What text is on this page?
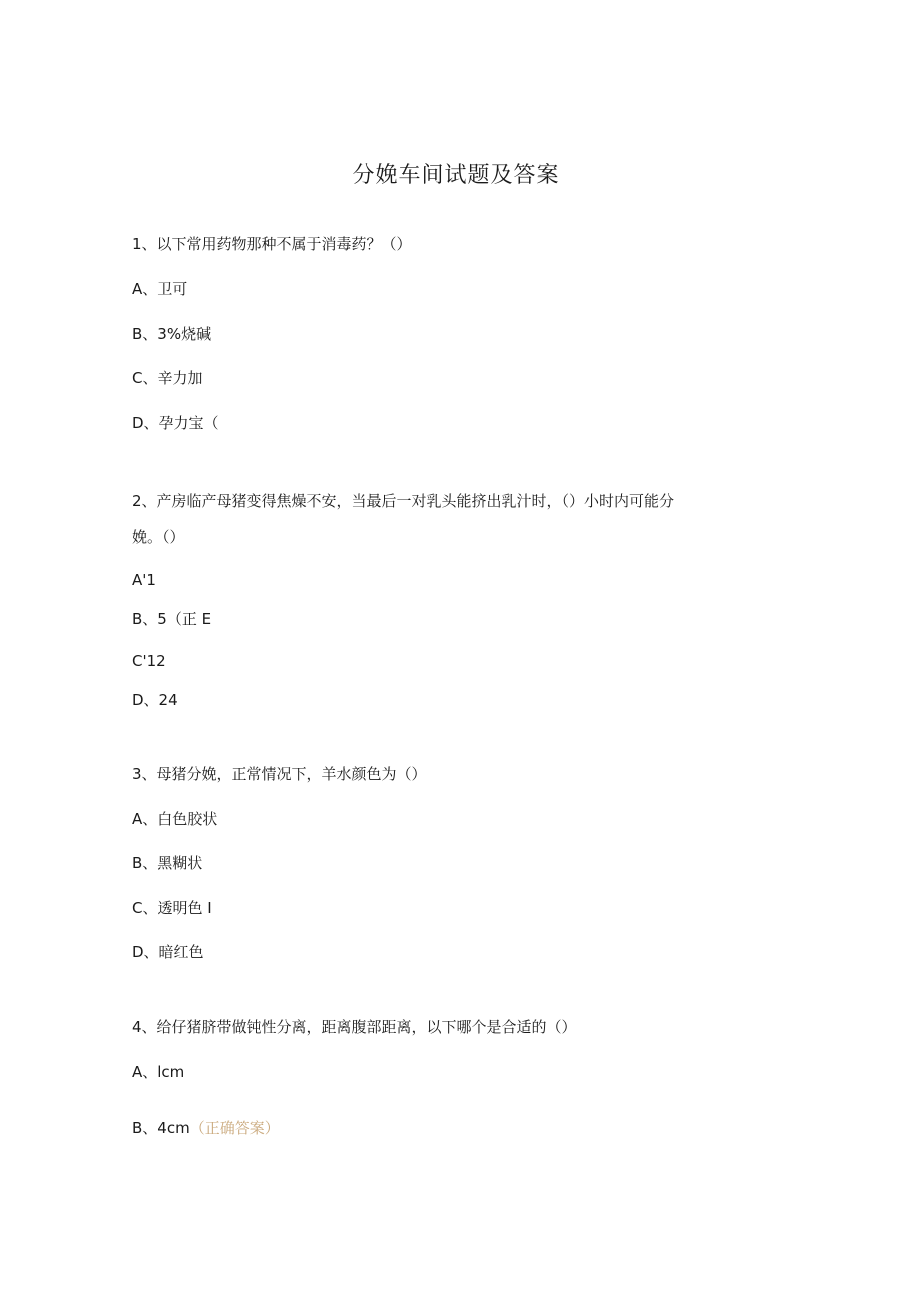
分娩车间试题及答案
1、以下常用药物那种不属于消毒药？（）
A、卫可
B、3%烧碱
C、辛力加
D、孕力宝（
2、产房临产母猪变得焦燥不安，当最后一对乳头能挤出乳汁时，（）小时内可能分
娩。（）
A'1
B、5（正 E
C'12
D、24
3、母猪分娩，正常情况下，羊水颜色为（）
A、白色胶状
B、黑糊状
C、透明色 I
D、暗红色
4、给仔猪脐带做钝性分离，距离腹部距离，以下哪个是合适的（）
A、lcm
B、4cm（正确答案）
